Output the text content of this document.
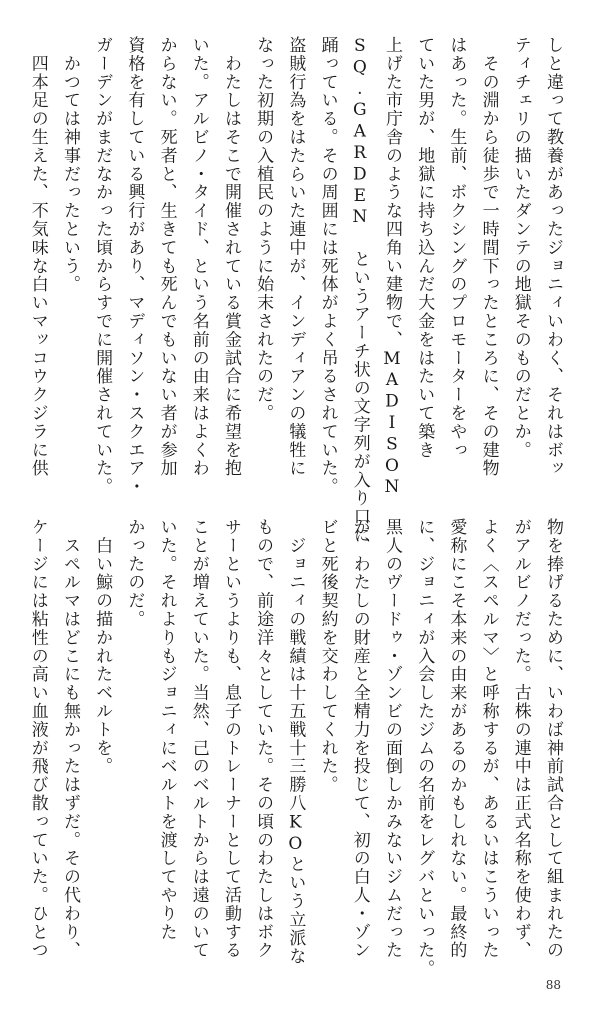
しと違って教養があったジョニィいわく、それはボッ
ティチェリの描いたダンテの地獄そのものだとか。
　その淵から徒歩で一時間下ったところに、その建物
はあった。生前、ボクシングのプロモーターをやっ
ていた男が、地獄に持ち込んだ大金をはたいて築き
上げた市庁舎のような四角い建物で、MADISON
SQ.GARDEN というアーチ状の文字列が入り口に
踊っている。その周囲には死体がよく吊るされていた。
盗賊行為をはたらいた連中が、インディアンの犠牲に
なった初期の入植民のように始末されたのだ。
　わたしはそこで開催されている賞金試合に希望を抱
いた。アルビノ・タイド、という名前の由来はよくわ
からない。死者と、生きても死んでもいない者が参加
資格を有している興行があり、マディソン・スクエア・
ガーデンがまだなかった頃からすでに開催されていた。
　かつては神事だったという。
　四本足の生えた、不気味な白いマッコウクジラに供
物を捧げるために、いわば神前試合として組まれたの
がアルビノだった。古株の連中は正式名称を使わず、
よく〈スペルマ〉と呼称するが、あるいはこういった
愛称にこそ本来の由来があるのかもしれない。最終的
に、ジョニィが入会したジムの名前をレグバといった。
黒人のヴードゥ・ゾンビの面倒しかみないジムだった
が、わたしの財産と全精力を投じて、初の白人・ゾン
ビと死後契約を交わしてくれた。
　ジョニィの戦績は十五戦十三勝八KOという立派な
もので、前途洋々としていた。その頃のわたしはボク
サーというよりも、息子のトレーナーとして活動する
ことが増えていた。当然、己のベルトからは遠のいて
いた。それよりもジョニィにベルトを渡してやりた
かったのだ。
　白い鯨の描かれたベルトを。
　スペルマはどこにも無かったはずだ。その代わり、
ケージには粘性の高い血液が飛び散っていた。ひとつ
88
